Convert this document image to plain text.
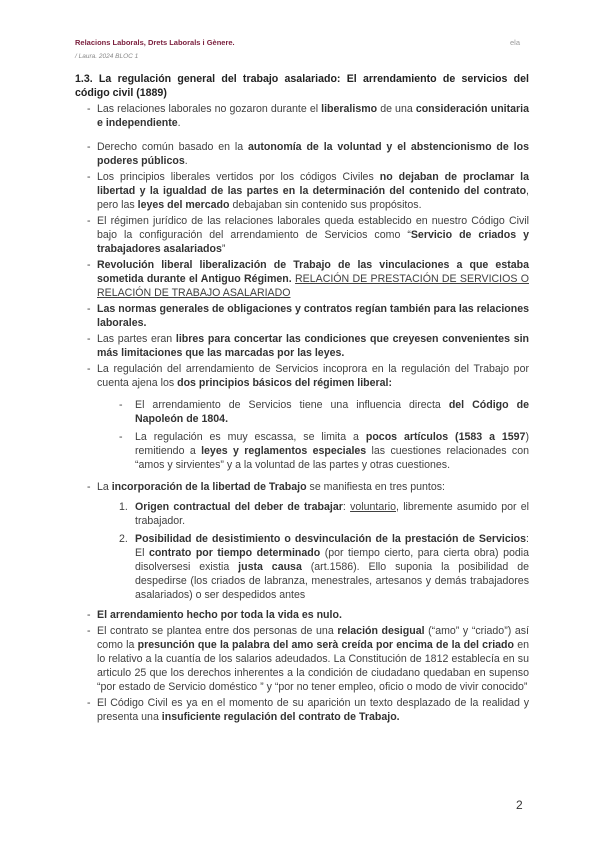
Relacions Laborals, Drets Laborals i Gènere.	ela
/ Laura. 2024 BLOC 1
1.3. La regulación general del trabajo asalariado: El arrendamiento de servicios del código civil (1889)
- Las relaciones laborales no gozaron durante el liberalismo de una consideración unitaria e independiente.
- Derecho común basado en la autonomía de la voluntad y el abstencionismo de los poderes públicos.
- Los principios liberales vertidos por los códigos Civiles no dejaban de proclamar la libertad y la igualdad de las partes en la determinación del contenido del contrato, pero las leyes del mercado debajaban sin contenido sus propósitos.
- El régimen jurídico de las relaciones laborales queda establecido en nuestro Código Civil bajo la configuración del arrendamiento de Servicios como “Servicio de criados y trabajadores asalariados”
- Revolución liberal liberalización de Trabajo de las vinculaciones a que estaba sometida durante el Antiguo Régimen. RELACIÓN DE PRESTACIÓN DE SERVICIOS O RELACIÓN DE TRABAJO ASALARIADO
- Las normas generales de obligaciones y contratos regían también para las relaciones laborales.
- Las partes eran libres para concertar las condiciones que creyesen convenientes sin más limitaciones que las marcadas por las leyes.
- La regulación del arrendamiento de Servicios incoprora en la regulación del Trabajo por cuenta ajena los dos principios básicos del régimen liberal:
- El arrendamiento de Servicios tiene una influencia directa del Código de Napoleón de 1804.
- La regulación es muy escassa, se limita a pocos artículos (1583 a 1597) remitiendo a leyes y reglamentos especiales las cuestiones relacionades con “amos y sirvientes” y a la voluntad de las partes y otras cuestiones.
- La incorporación de la libertad de Trabajo se manifiesta en tres puntos:
1. Origen contractual del deber de trabajar: voluntario, libremente asumido por el trabajador.
2. Posibilidad de desistimiento o desvinculación de la prestación de Servicios: El contrato por tiempo determinado (por tiempo cierto, para cierta obra) podia disolversesi existia justa causa (art.1586). Ello suponia la posibilidad de despedirse (los criados de labranza, menestrales, artesanos y demás trabajadores asalariados) o ser despedidos antes
- El arrendamiento hecho por toda la vida es nulo.
- El contrato se plantea entre dos personas de una relación desigual (“amo” y “criado”) así como la presunción que la palabra del amo serà creída por encima de la del criado en lo relativo a la cuantía de los salarios adeudados. La Constitución de 1812 establecía en su articulo 25 que los derechos inherentes a la condición de ciudadano quedaban en supenso “por estado de Servicio doméstico ” y “por no tener empleo, oficio o modo de vivir conocido”
- El Código Civil es ya en el momento de su aparición un texto desplazado de la realidad y presenta una insuficiente regulación del contrato de Trabajo.
2
